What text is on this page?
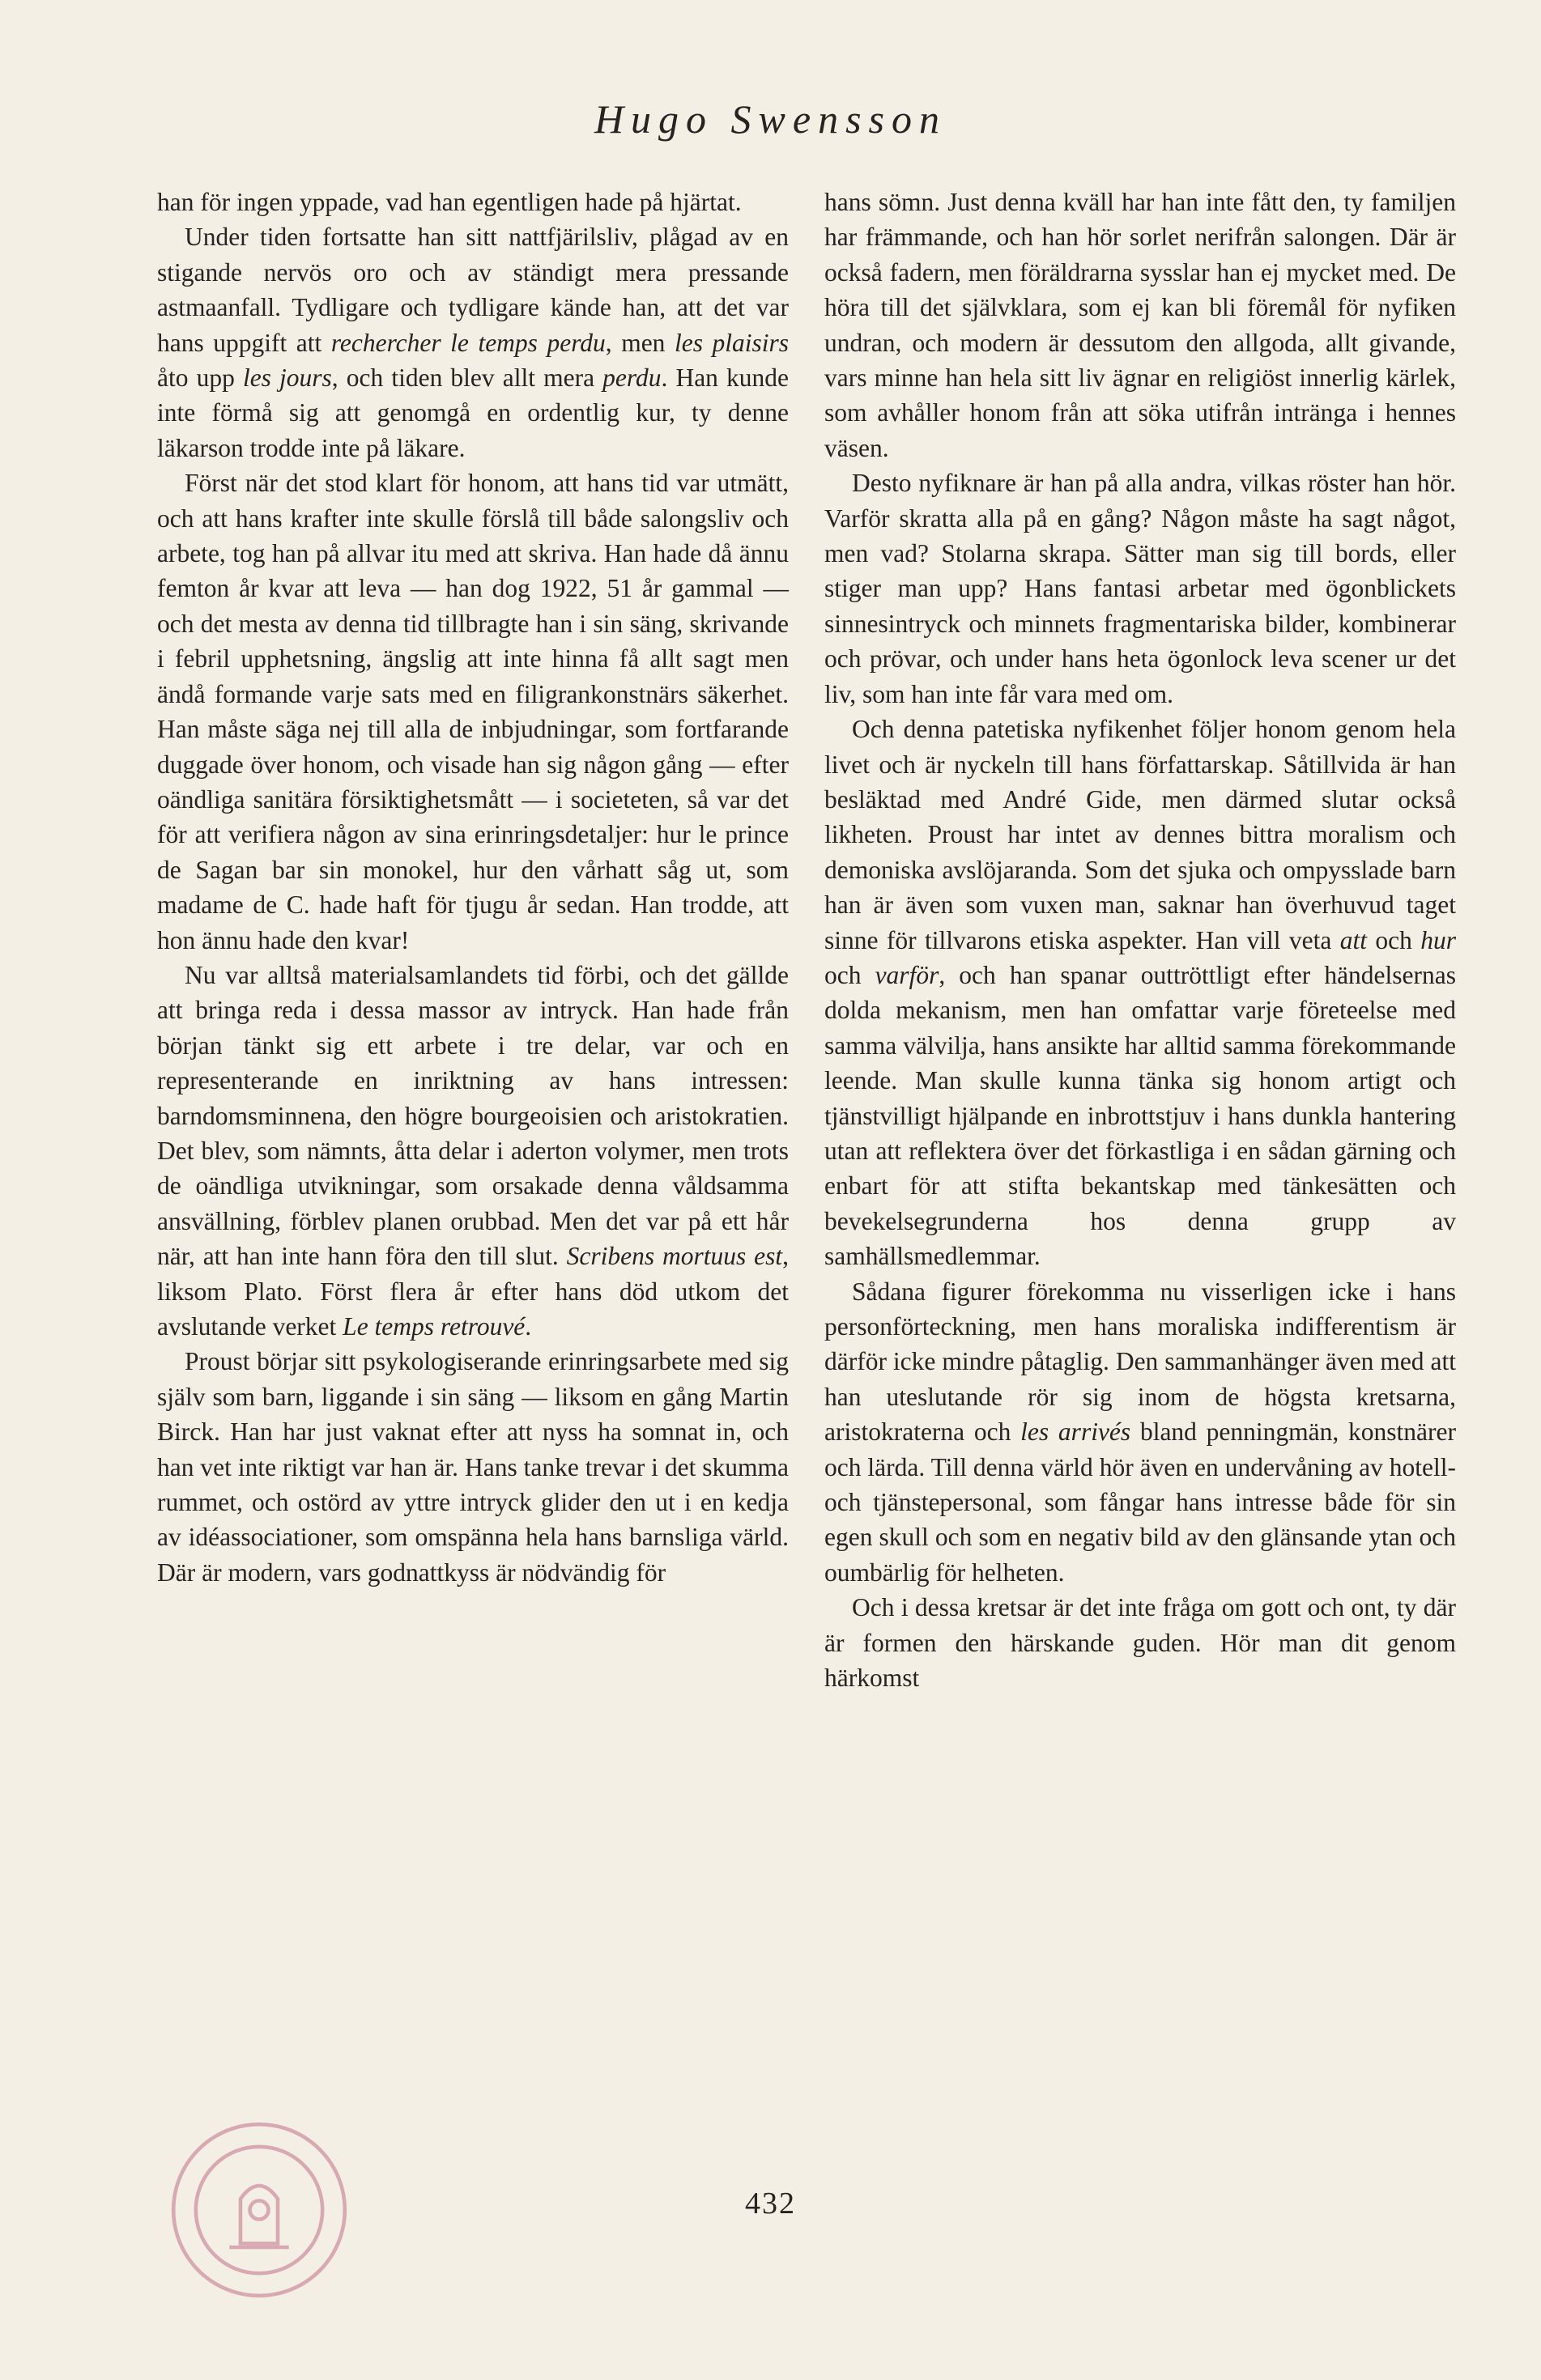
Hugo Swensson

han för ingen yppade, vad han egentligen hade på hjärtat.

Under tiden fortsatte han sitt nattfjärilsliv, plågad av en stigande nervös oro och av ständigt mera pressande astmaanfall. Tydligare och tydligare kände han, att det var hans uppgift att rechercher le temps perdu, men les plaisirs åto upp les jours, och tiden blev allt mera perdu. Han kunde inte förmå sig att genomgå en ordentlig kur, ty denne läkarson trodde inte på läkare.

Först när det stod klart för honom, att hans tid var utmätt, och att hans krafter inte skulle förslå till både salongsliv och arbete, tog han på allvar itu med att skriva. Han hade då ännu femton år kvar att leva — han dog 1922, 51 år gammal — och det mesta av denna tid tillbragte han i sin säng, skrivande i febril upphetsning, ängslig att inte hinna få allt sagt men ändå formande varje sats med en filigrankonstnärs säkerhet. Han måste säga nej till alla de inbjudningar, som fortfarande duggade över honom, och visade han sig någon gång — efter oändliga sanitära försiktighetsmått — i societeten, så var det för att verifiera någon av sina erinringsdetaljer: hur le prince de Sagan bar sin monokel, hur den vårhatt såg ut, som madame de C. hade haft för tjugu år sedan. Han trodde, att hon ännu hade den kvar!

Nu var alltså materialsamlandets tid förbi, och det gällde att bringa reda i dessa massor av intryck. Han hade från början tänkt sig ett arbete i tre delar, var och en representerande en inriktning av hans intressen: barndomsminnena, den högre bourgeoisien och aristokratien. Det blev, som nämnts, åtta delar i aderton volymer, men trots de oändliga utvikningar, som orsakade denna våldsamma ansvällning, förblev planen orubbad. Men det var på ett hår när, att han inte hann föra den till slut. Scribens mortuus est, liksom Plato. Först flera år efter hans död utkom det avslutande verket Le temps retrouvé.

Proust börjar sitt psykologiserande erinringsarbete med sig själv som barn, liggande i sin säng — liksom en gång Martin Birck. Han har just vaknat efter att nyss ha somnat in, och han vet inte riktigt var han är. Hans tanke trevar i det skumma rummet, och ostörd av yttre intryck glider den ut i en kedja av idéassociationer, som omspänna hela hans barnsliga värld. Där är modern, vars godnattkyss är nödvändig för

hans sömn. Just denna kväll har han inte fått den, ty familjen har främmande, och han hör sorlet nerifrån salongen. Där är också fadern, men föräldrarna sysslar han ej mycket med. De höra till det självklara, som ej kan bli föremål för nyfiken undran, och modern är dessutom den allgoda, allt givande, vars minne han hela sitt liv ägnar en religiöst innerlig kärlek, som avhåller honom från att söka utifrån intränga i hennes väsen.

Desto nyfiknare är han på alla andra, vilkas röster han hör. Varför skratta alla på en gång? Någon måste ha sagt något, men vad? Stolarna skrapa. Sätter man sig till bords, eller stiger man upp? Hans fantasi arbetar med ögonblickets sinnesintryck och minnets fragmentariska bilder, kombinerar och prövar, och under hans heta ögonlock leva scener ur det liv, som han inte får vara med om.

Och denna patetiska nyfikenhet följer honom genom hela livet och är nyckeln till hans författarskap. Såtillvida är han besläktad med André Gide, men därmed slutar också likheten. Proust har intet av dennes bittra moralism och demoniska avslöjaranda. Som det sjuka och ompysslade barn han är även som vuxen man, saknar han överhuvud taget sinne för tillvarons etiska aspekter. Han vill veta att och hur och varför, och han spanar outtröttligt efter händelsernas dolda mekanism, men han omfattar varje företeelse med samma välvilja, hans ansikte har alltid samma förekommande leende. Man skulle kunna tänka sig honom artigt och tjänstvilligt hjälpande en inbrottstjuv i hans dunkla hantering utan att reflektera över det förkastliga i en sådan gärning och enbart för att stifta bekantskap med tänkesätten och bevekelsegrunderna hos denna grupp av samhällsmedlemmar.

Sådana figurer förekomma nu visserligen icke i hans personförteckning, men hans moraliska indifferentism är därför icke mindre påtaglig. Den sammanhänger även med att han uteslutande rör sig inom de högsta kretsarna, aristokraterna och les arrivés bland penningmän, konstnärer och lärda. Till denna värld hör även en undervåning av hotell- och tjänstepersonal, som fångar hans intresse både för sin egen skull och som en negativ bild av den glänsande ytan och oumbärlig för helheten.

Och i dessa kretsar är det inte fråga om gott och ont, ty där är formen den härskande guden. Hör man dit genom härkomst

432
